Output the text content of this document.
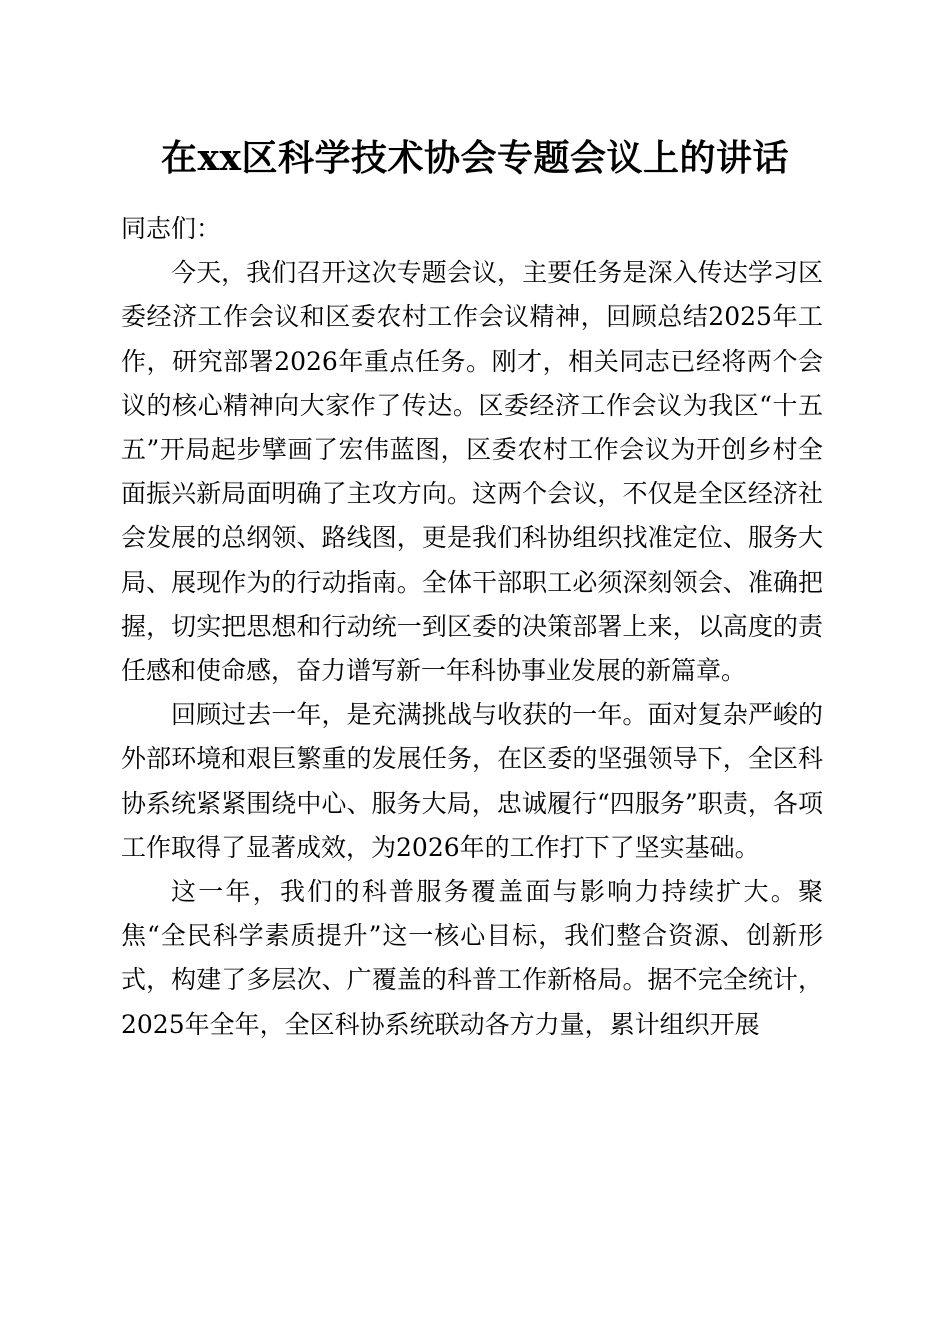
在xx区科学技术协会专题会议上的讲话

同志们：

今天，我们召开这次专题会议，主要任务是深入传达学习区委经济工作会议和区委农村工作会议精神，回顾总结2025年工作，研究部署2026年重点任务。刚才，相关同志已经将两个会议的核心精神向大家作了传达。区委经济工作会议为我区“十五五”开局起步擘画了宏伟蓝图，区委农村工作会议为开创乡村全面振兴新局面明确了主攻方向。这两个会议，不仅是全区经济社会发展的总纲领、路线图，更是我们科协组织找准定位、服务大局、展现作为的行动指南。全体干部职工必须深刻领会、准确把握，切实把思想和行动统一到区委的决策部署上来，以高度的责任感和使命感，奋力谱写新一年科协事业发展的新篇章。

回顾过去一年，是充满挑战与收获的一年。面对复杂严峻的外部环境和艰巨繁重的发展任务，在区委的坚强领导下，全区科协系统紧紧围绕中心、服务大局，忠诚履行“四服务”职责，各项工作取得了显著成效，为2026年的工作打下了坚实基础。

这一年，我们的科普服务覆盖面与影响力持续扩大。聚焦“全民科学素质提升”这一核心目标，我们整合资源、创新形式，构建了多层次、广覆盖的科普工作新格局。据不完全统计，2025年全年，全区科协系统联动各方力量，累计组织开展
